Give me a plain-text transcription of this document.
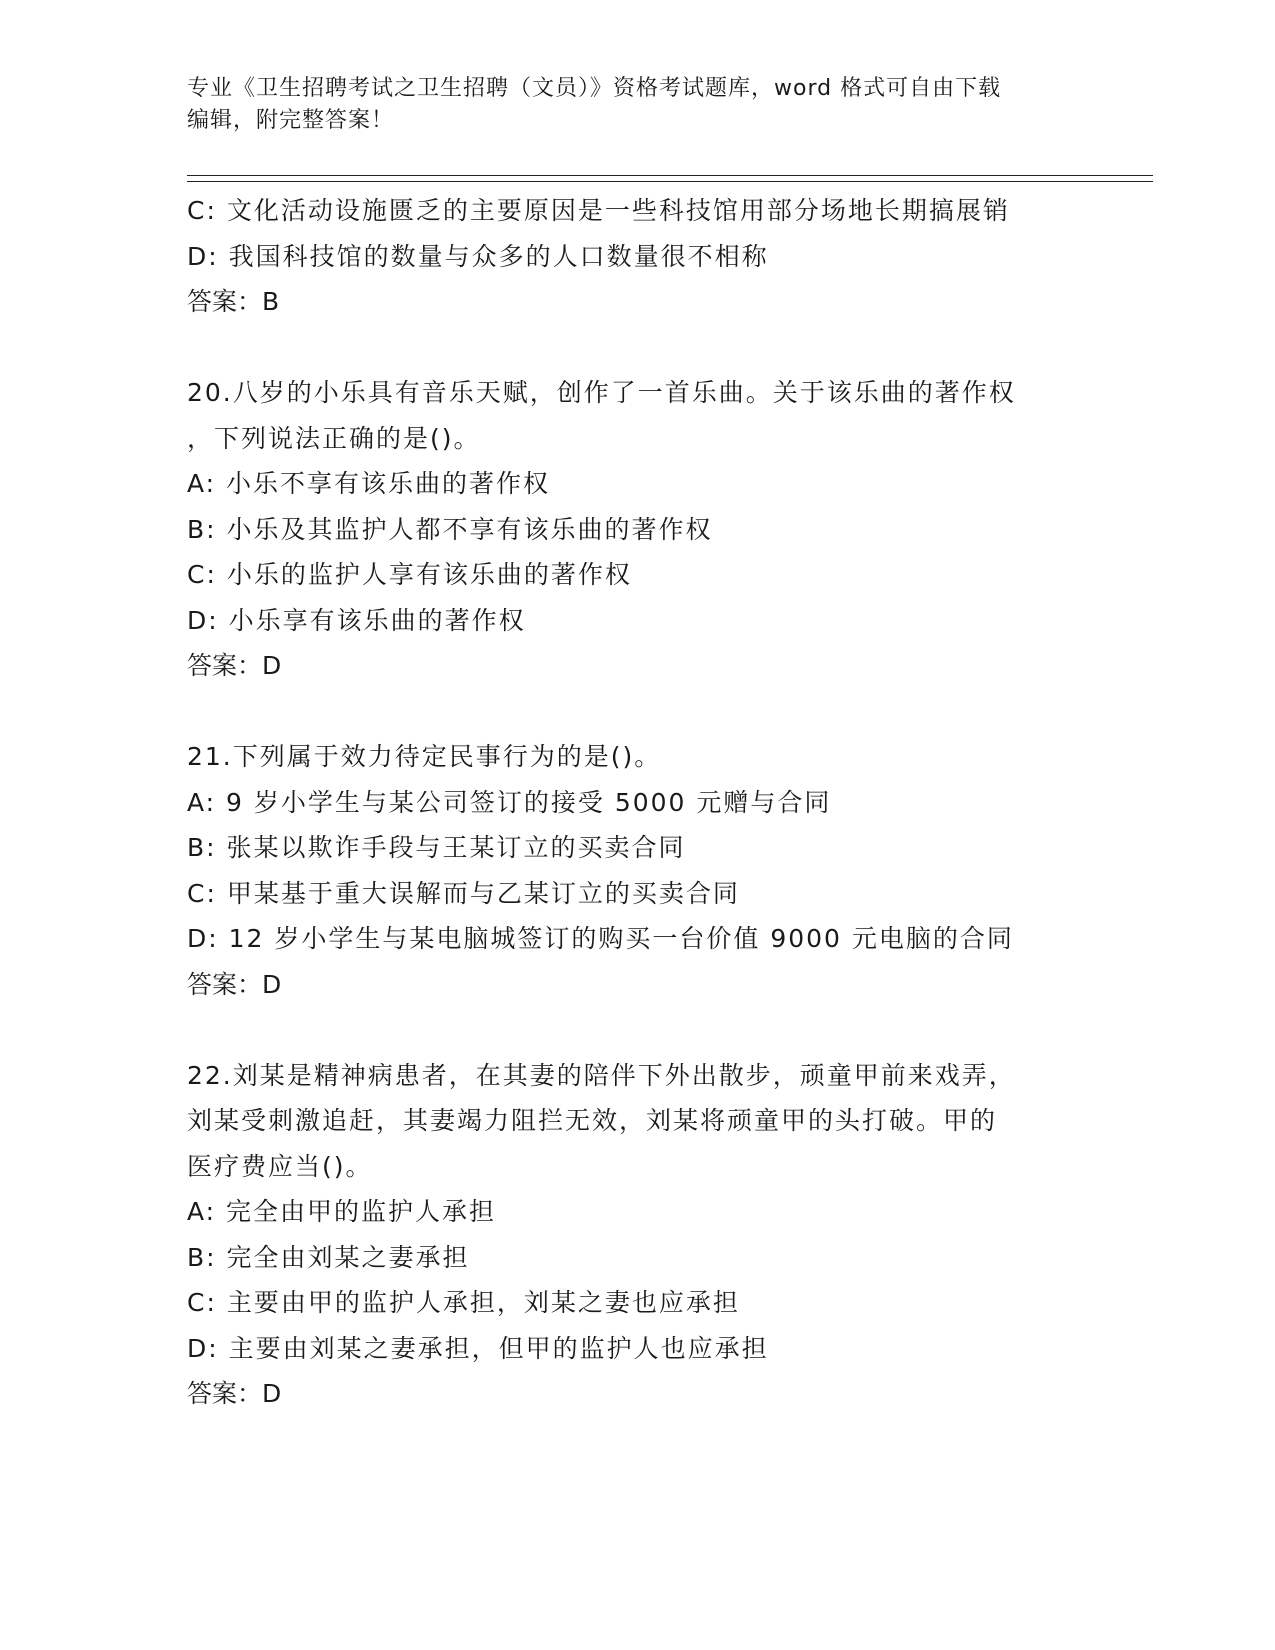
专业《卫生招聘考试之卫生招聘（文员）》资格考试题库，word 格式可自由下载
编辑，附完整答案！
C: 文化活动设施匮乏的主要原因是一些科技馆用部分场地长期搞展销
D: 我国科技馆的数量与众多的人口数量很不相称
答案：B
20.八岁的小乐具有音乐天赋，创作了一首乐曲。关于该乐曲的著作权
，下列说法正确的是()。
A: 小乐不享有该乐曲的著作权
B: 小乐及其监护人都不享有该乐曲的著作权
C: 小乐的监护人享有该乐曲的著作权
D: 小乐享有该乐曲的著作权
答案：D
21.下列属于效力待定民事行为的是()。
A: 9 岁小学生与某公司签订的接受 5000 元赠与合同
B: 张某以欺诈手段与王某订立的买卖合同
C: 甲某基于重大误解而与乙某订立的买卖合同
D: 12 岁小学生与某电脑城签订的购买一台价值 9000 元电脑的合同
答案：D
22.刘某是精神病患者，在其妻的陪伴下外出散步，顽童甲前来戏弄，
刘某受刺激追赶，其妻竭力阻拦无效，刘某将顽童甲的头打破。甲的
医疗费应当()。
A: 完全由甲的监护人承担
B: 完全由刘某之妻承担
C: 主要由甲的监护人承担，刘某之妻也应承担
D: 主要由刘某之妻承担，但甲的监护人也应承担
答案：D
